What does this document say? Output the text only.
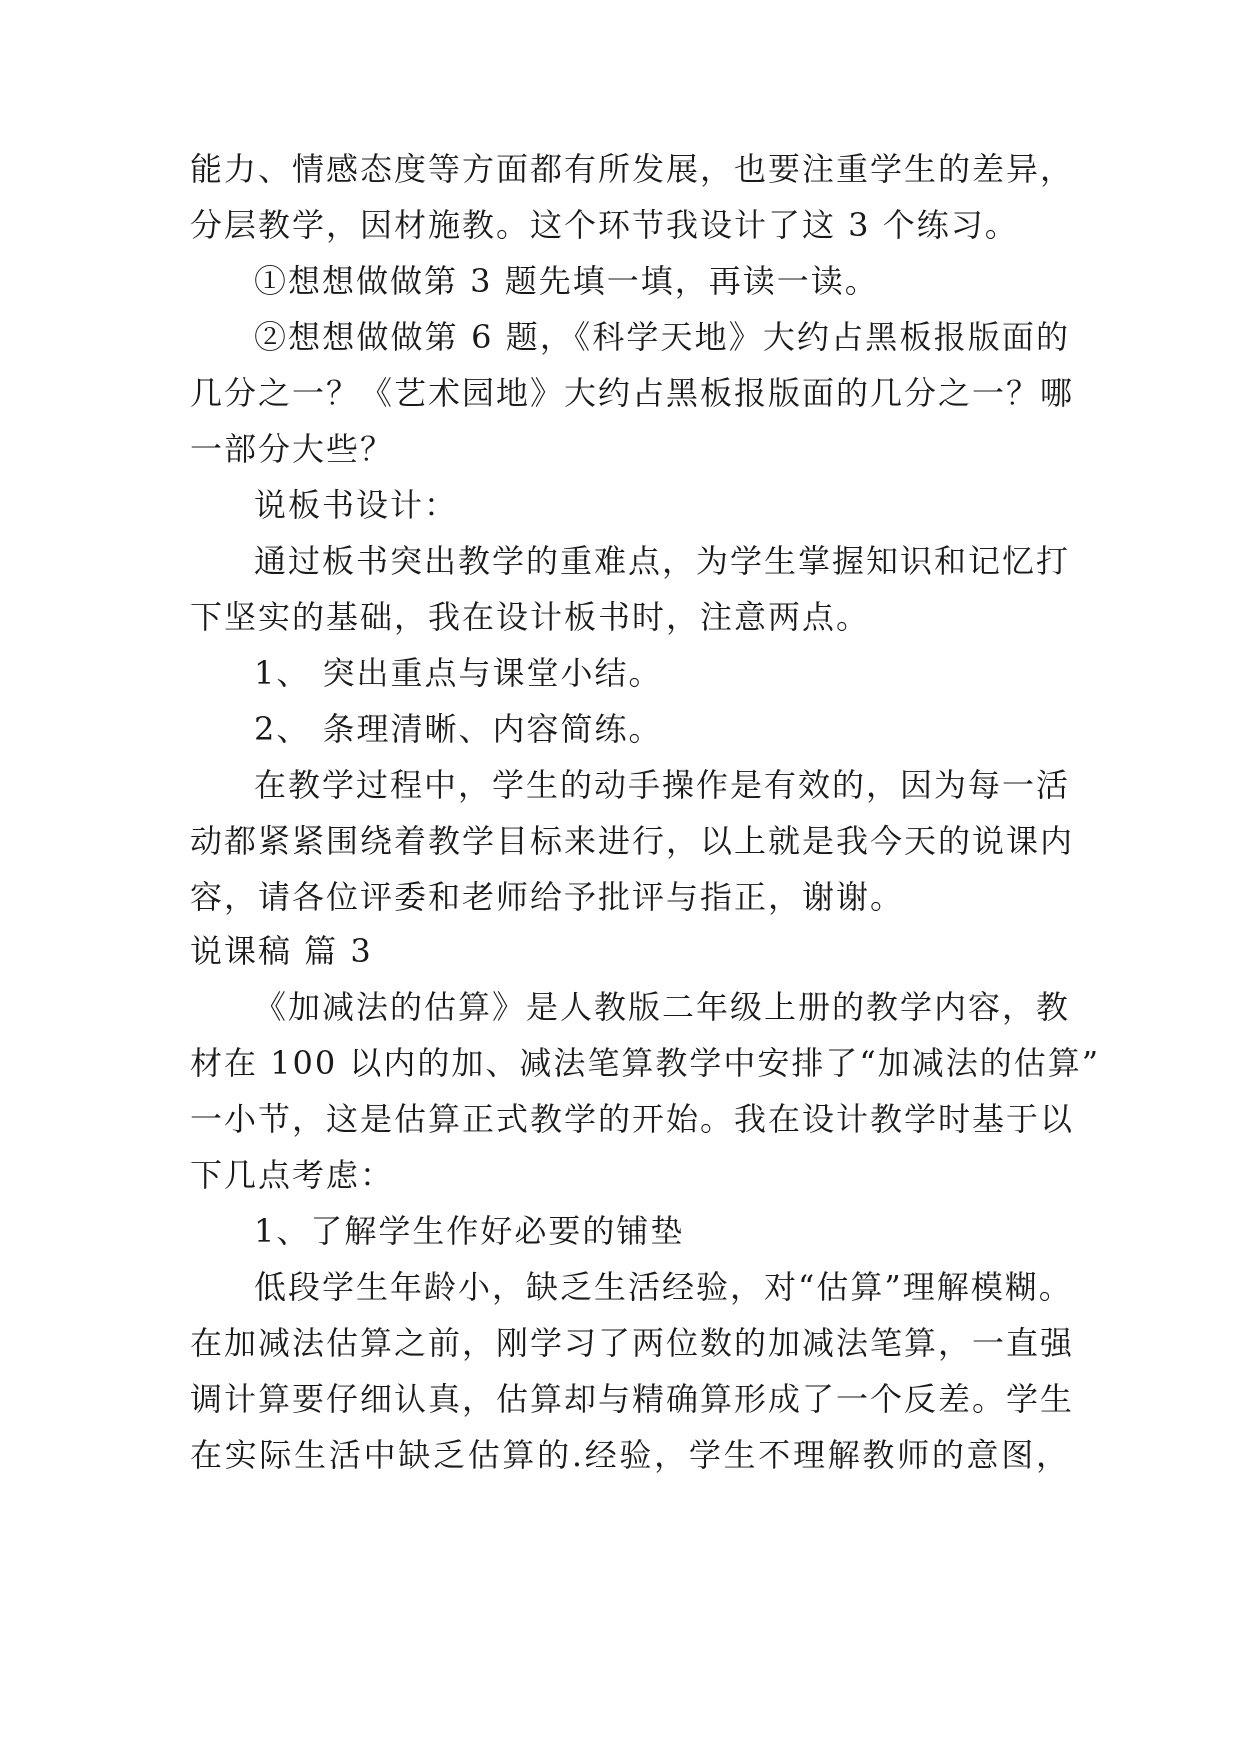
能力、情感态度等方面都有所发展，也要注重学生的差异，
分层教学，因材施教。这个环节我设计了这 3 个练习。
①想想做做第 3 题先填一填，再读一读。
②想想做做第 6 题，《科学天地》大约占黑板报版面的
几分之一？《艺术园地》大约占黑板报版面的几分之一？哪
一部分大些？
说板书设计：
通过板书突出教学的重难点，为学生掌握知识和记忆打
下坚实的基础，我在设计板书时，注意两点。
1、 突出重点与课堂小结。
2、 条理清晰、内容简练。
在教学过程中，学生的动手操作是有效的，因为每一活
动都紧紧围绕着教学目标来进行，以上就是我今天的说课内
容，请各位评委和老师给予批评与指正，谢谢。
说课稿 篇 3
《加减法的估算》是人教版二年级上册的教学内容，教
材在 100 以内的加、减法笔算教学中安排了“加减法的估算”
一小节，这是估算正式教学的开始。我在设计教学时基于以
下几点考虑：
1、了解学生作好必要的铺垫
低段学生年龄小，缺乏生活经验，对“估算”理解模糊。
在加减法估算之前，刚学习了两位数的加减法笔算，一直强
调计算要仔细认真，估算却与精确算形成了一个反差。学生
在实际生活中缺乏估算的.经验，学生不理解教师的意图，
